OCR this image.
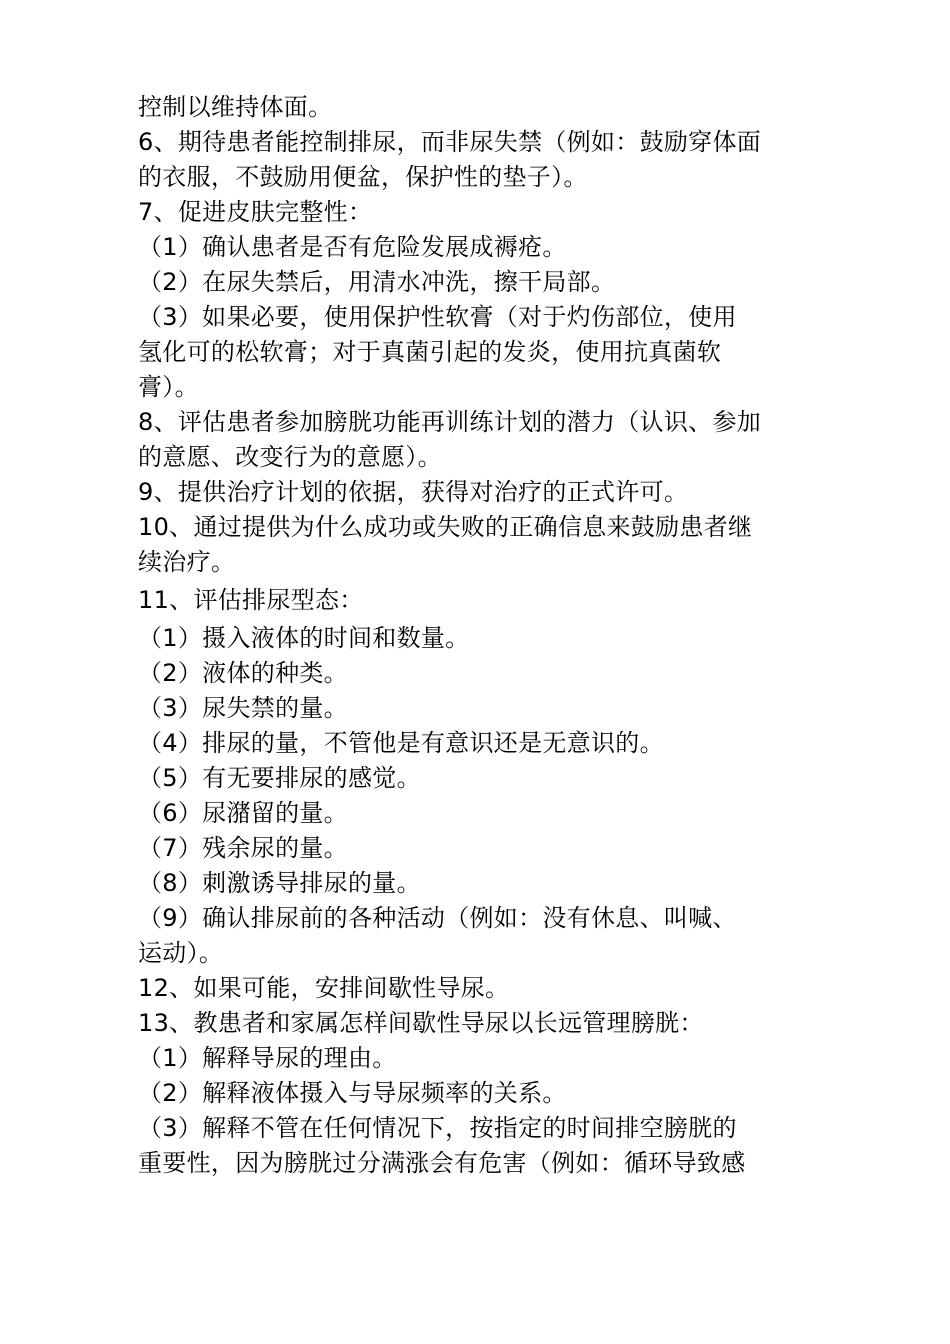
控制以维持体面。
6、期待患者能控制排尿，而非尿失禁（例如：鼓励穿体面
的衣服，不鼓励用便盆，保护性的垫子）。
7、促进皮肤完整性：
（1）确认患者是否有危险发展成褥疮。
（2）在尿失禁后，用清水冲洗，擦干局部。
（3）如果必要，使用保护性软膏（对于灼伤部位，使用
氢化可的松软膏；对于真菌引起的发炎，使用抗真菌软
膏）。
8、评估患者参加膀胱功能再训练计划的潜力（认识、参加
的意愿、改变行为的意愿）。
9、提供治疗计划的依据，获得对治疗的正式许可。
10、通过提供为什么成功或失败的正确信息来鼓励患者继
续治疗。
11、评估排尿型态：
（1）摄入液体的时间和数量。
（2）液体的种类。
（3）尿失禁的量。
（4）排尿的量，不管他是有意识还是无意识的。
（5）有无要排尿的感觉。
（6）尿潴留的量。
（7）残余尿的量。
（8）刺激诱导排尿的量。
（9）确认排尿前的各种活动（例如：没有休息、叫喊、
运动）。
12、如果可能，安排间歇性导尿。
13、教患者和家属怎样间歇性导尿以长远管理膀胱：
（1）解释导尿的理由。
（2）解释液体摄入与导尿频率的关系。
（3）解释不管在任何情况下，按指定的时间排空膀胱的
重要性，因为膀胱过分满涨会有危害（例如：循环导致感
